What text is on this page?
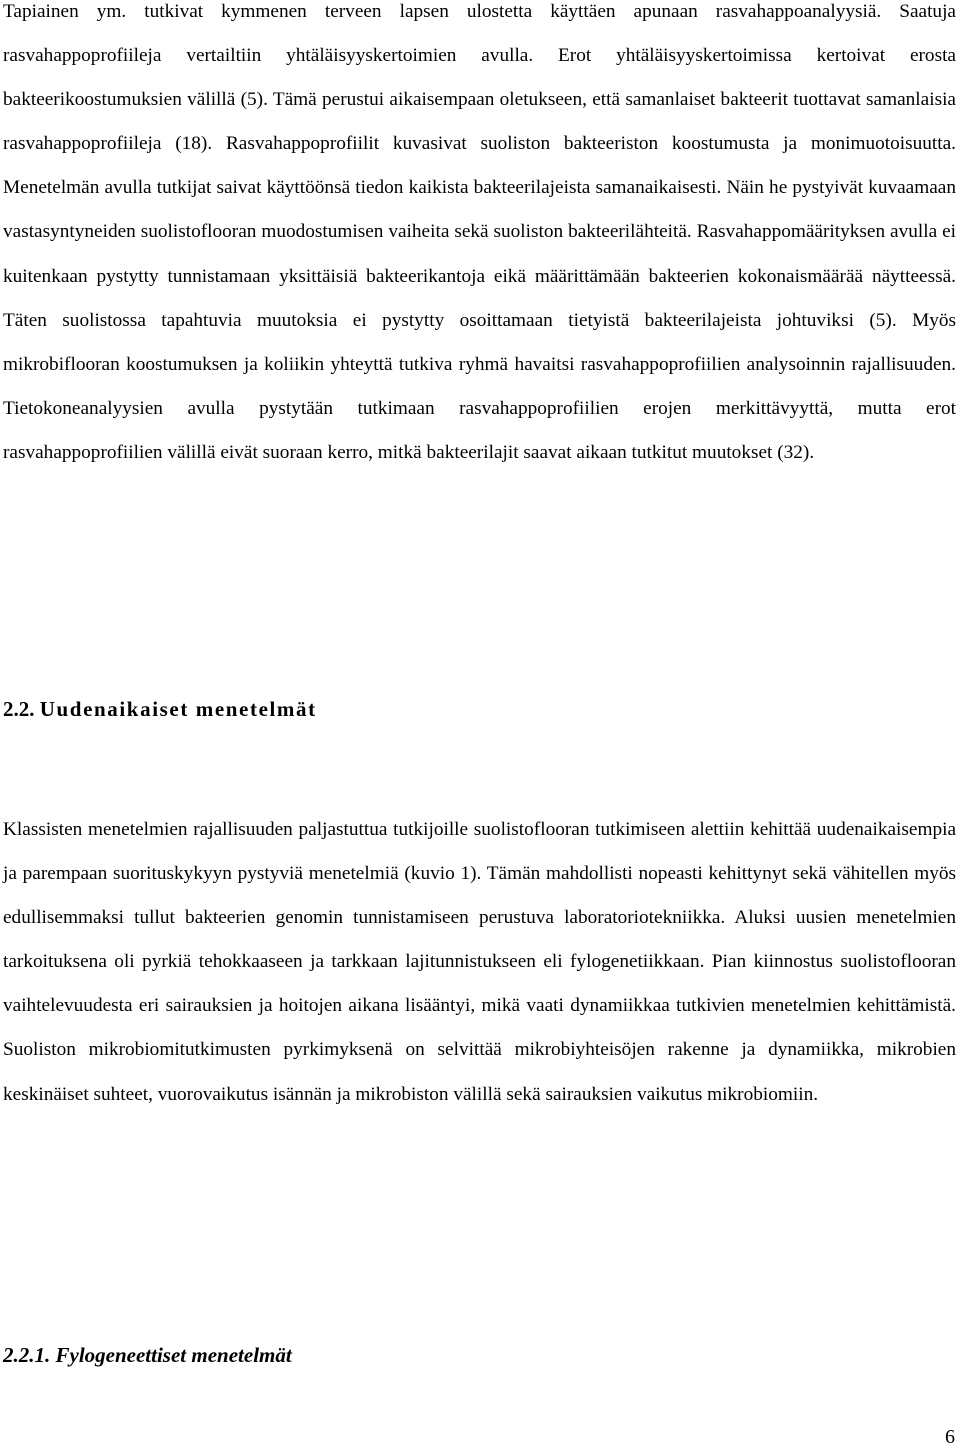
Tapiainen ym. tutkivat kymmenen terveen lapsen ulostetta käyttäen apunaan rasvahappoanalyysiä. Saatuja rasvahappoprofiileja vertailtiin yhtäläisyyskertoimien avulla. Erot yhtäläisyyskertoimissa kertoivat erosta bakteerikoostumuksien välillä (5). Tämä perustui aikaisempaan oletukseen, että samanlaiset bakteerit tuottavat samanlaisia rasvahappoprofiileja (18). Rasvahappoprofiilit kuvasivat suoliston bakteeriston koostumusta ja monimuotoisuutta. Menetelmän avulla tutkijat saivat käyttöönsä tiedon kaikista bakteerilajeista samanaikaisesti. Näin he pystyivät kuvaamaan vastasyntyneiden suolistoflooran muodostumisen vaiheita sekä suoliston bakteerilähteitä. Rasvahappomäärityksen avulla ei kuitenkaan pystytty tunnistamaan yksittäisiä bakteerikantoja eikä määrittämään bakteerien kokonaismäärää näytteessä. Täten suolistossa tapahtuvia muutoksia ei pystytty osoittamaan tietyistä bakteerilajeista johtuviksi (5). Myös mikrobiflooran koostumuksen ja koliikin yhteyttä tutkiva ryhmä havaitsi rasvahappoprofiilien analysoinnin rajallisuuden. Tietokoneanalyysien avulla pystytään tutkimaan rasvahappoprofiilien erojen merkittävyyttä, mutta erot rasvahappoprofiilien välillä eivät suoraan kerro, mitkä bakteerilajit saavat aikaan tutkitut muutokset (32).

2.2. Uudenaikaiset menetelmät

Klassisten menetelmien rajallisuuden paljastuttua tutkijoille suolistoflooran tutkimiseen alettiin kehittää uudenaikaisempia ja parempaan suorituskykyyn pystyviä menetelmiä (kuvio 1). Tämän mahdollisti nopeasti kehittynyt sekä vähitellen myös edullisemmaksi tullut bakteerien genomin tunnistamiseen perustuva laboratoriotekniikka. Aluksi uusien menetelmien tarkoituksena oli pyrkiä tehokkaaseen ja tarkkaan lajitunnistukseen eli fylogenetiikkaan. Pian kiinnostus suolistoflooran vaihtelevuudesta eri sairauksien ja hoitojen aikana lisääntyi, mikä vaati dynamiikkaa tutkivien menetelmien kehittämistä. Suoliston mikrobiomitutkimusten pyrkimyksenä on selvittää mikrobiyhteisöjen rakenne ja dynamiikka, mikrobien keskinäiset suhteet, vuorovaikutus isännän ja mikrobiston välillä sekä sairauksien vaikutus mikrobiomiin.

2.2.1. Fylogeneettiset menetelmät
6
